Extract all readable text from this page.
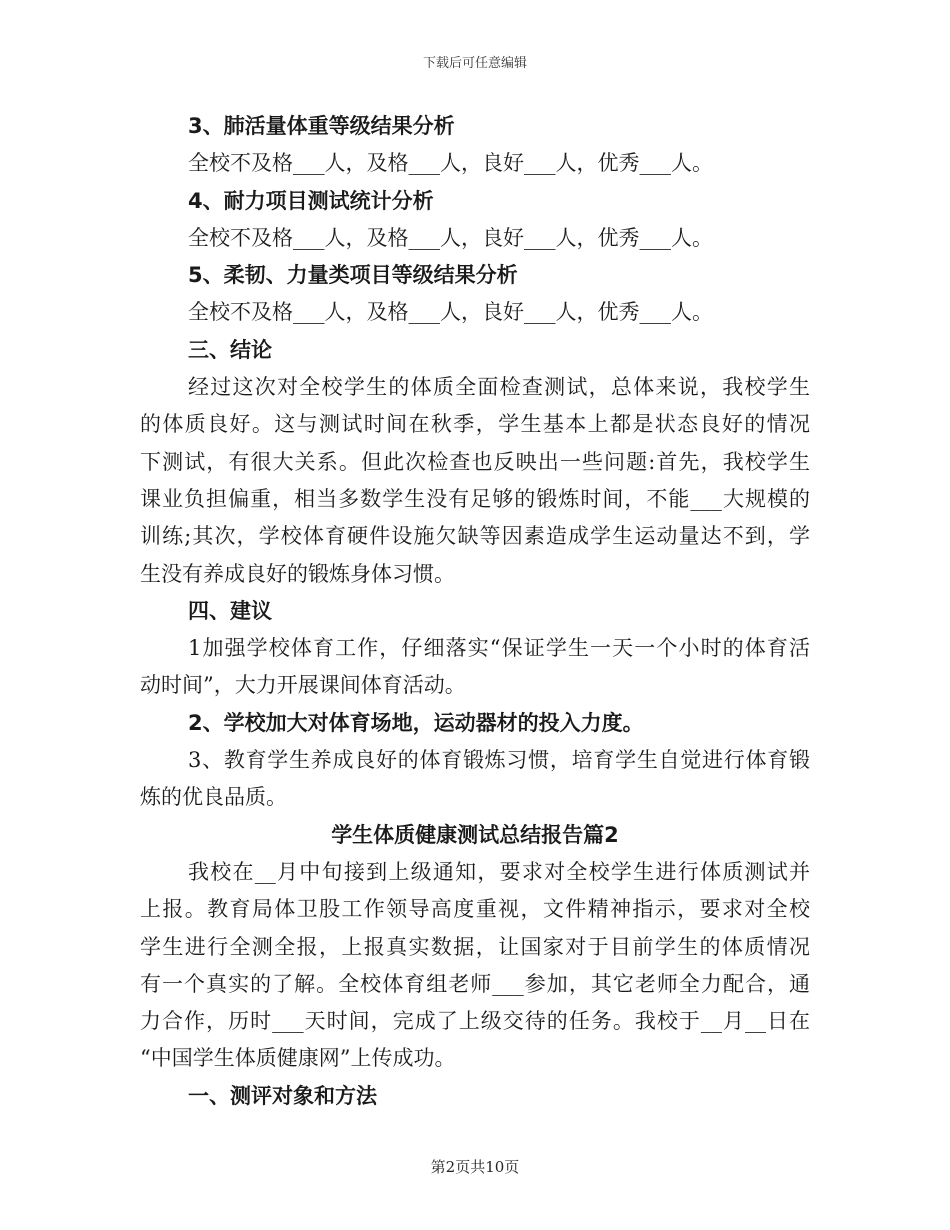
下载后可任意编辑
3、肺活量体重等级结果分析
全校不及格___人，及格___人，良好___人，优秀___人。
4、耐力项目测试统计分析
全校不及格___人，及格___人，良好___人，优秀___人。
5、柔韧、力量类项目等级结果分析
全校不及格___人，及格___人，良好___人，优秀___人。
三、结论
经过这次对全校学生的体质全面检查测试，总体来说，我校学生
的体质良好。这与测试时间在秋季，学生基本上都是状态良好的情况
下测试，有很大关系。但此次检查也反映出一些问题:首先，我校学生
课业负担偏重，相当多数学生没有足够的锻炼时间，不能___大规模的
训练;其次，学校体育硬件设施欠缺等因素造成学生运动量达不到，学
生没有养成良好的锻炼身体习惯。
四、建议
1加强学校体育工作，仔细落实“保证学生一天一个小时的体育活
动时间”，大力开展课间体育活动。
2、学校加大对体育场地，运动器材的投入力度。
3、教育学生养成良好的体育锻炼习惯，培育学生自觉进行体育锻
炼的优良品质。
学生体质健康测试总结报告篇2
我校在__月中旬接到上级通知，要求对全校学生进行体质测试并
上报。教育局体卫股工作领导高度重视，文件精神指示，要求对全校
学生进行全测全报，上报真实数据，让国家对于目前学生的体质情况
有一个真实的了解。全校体育组老师___参加，其它老师全力配合，通
力合作，历时___天时间，完成了上级交待的任务。我校于__月__日在
“中国学生体质健康网”上传成功。
一、测评对象和方法
第2页共10页
